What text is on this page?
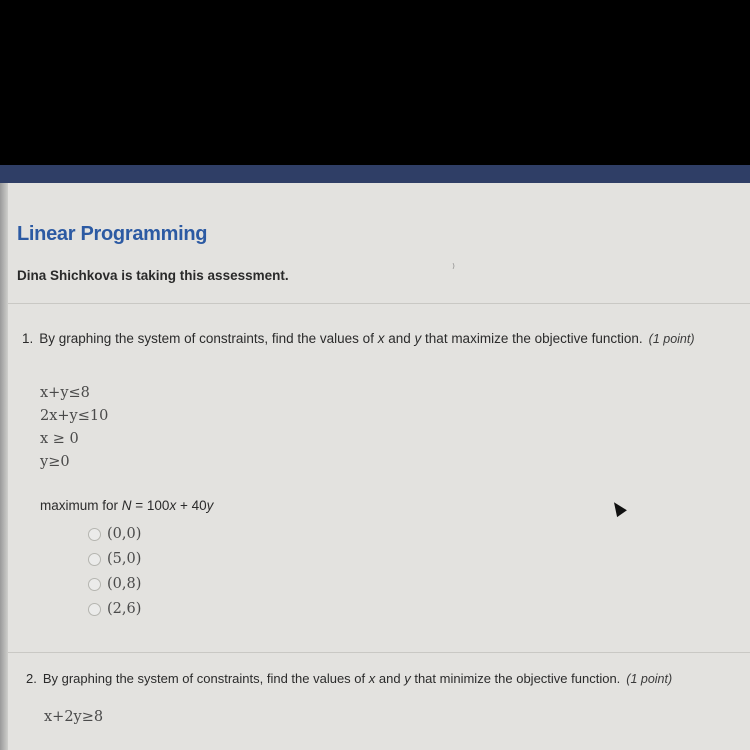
Linear Programming
⁾
Dina Shichkova is taking this assessment.
1. By graphing the system of constraints, find the values of x and y that maximize the objective function. (1 point)
x+y≤8
2x+y≤10
x ≥ 0
y≥0
maximum for N = 100x + 40y
(0,0)
(5,0)
(0,8)
(2,6)
2. By graphing the system of constraints, find the values of x and y that minimize the objective function. (1 point)
x+2y≥8
